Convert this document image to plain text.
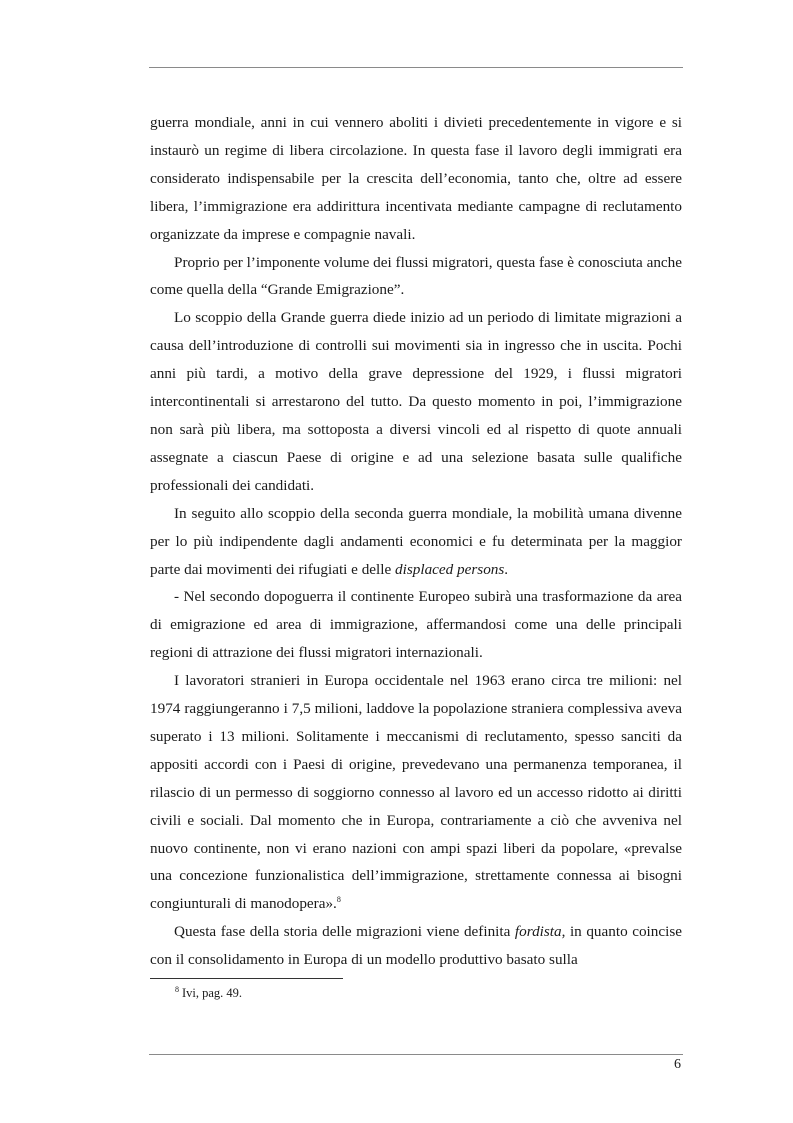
guerra mondiale, anni in cui vennero aboliti i divieti precedentemente in vigore e si instaurò un regime di libera circolazione. In questa fase il lavoro degli immigrati era considerato indispensabile per la crescita dell’economia, tanto che, oltre ad essere libera, l’immigrazione era addirittura incentivata mediante campagne di reclutamento organizzate da imprese e compagnie navali.

Proprio per l’imponente volume dei flussi migratori, questa fase è conosciuta anche come quella della “Grande Emigrazione”.

Lo scoppio della Grande guerra diede inizio ad un periodo di limitate migrazioni a causa dell’introduzione di controlli sui movimenti sia in ingresso che in uscita. Pochi anni più tardi, a motivo della grave depressione del 1929, i flussi migratori intercontinentali si arrestarono del tutto. Da questo momento in poi, l’immigrazione non sarà più libera, ma sottoposta a diversi vincoli ed al rispetto di quote annuali assegnate a ciascun Paese di origine e ad una selezione basata sulle qualifiche professionali dei candidati.

In seguito allo scoppio della seconda guerra mondiale, la mobilità umana divenne per lo più indipendente dagli andamenti economici e fu determinata per la maggior parte dai movimenti dei rifugiati e delle displaced persons.

- Nel secondo dopoguerra il continente Europeo subirà una trasformazione da area di emigrazione ed area di immigrazione, affermandosi come una delle principali regioni di attrazione dei flussi migratori internazionali.

I lavoratori stranieri in Europa occidentale nel 1963 erano circa tre milioni: nel 1974 raggiungeranno i 7,5 milioni, laddove la popolazione straniera complessiva aveva superato i 13 milioni. Solitamente i meccanismi di reclutamento, spesso sanciti da appositi accordi con i Paesi di origine, prevedevano una permanenza temporanea, il rilascio di un permesso di soggiorno connesso al lavoro ed un accesso ridotto ai diritti civili e sociali. Dal momento che in Europa, contrariamente a ciò che avveniva nel nuovo continente, non vi erano nazioni con ampi spazi liberi da popolare, «prevalse una concezione funzionalistica dell’immigrazione, strettamente connessa ai bisogni congiunturali di manodopera».$^8$

Questa fase della storia delle migrazioni viene definita fordista, in quanto coincise con il consolidamento in Europa di un modello produttivo basato sulla

$^8$ Ivi, pag. 49.
6
